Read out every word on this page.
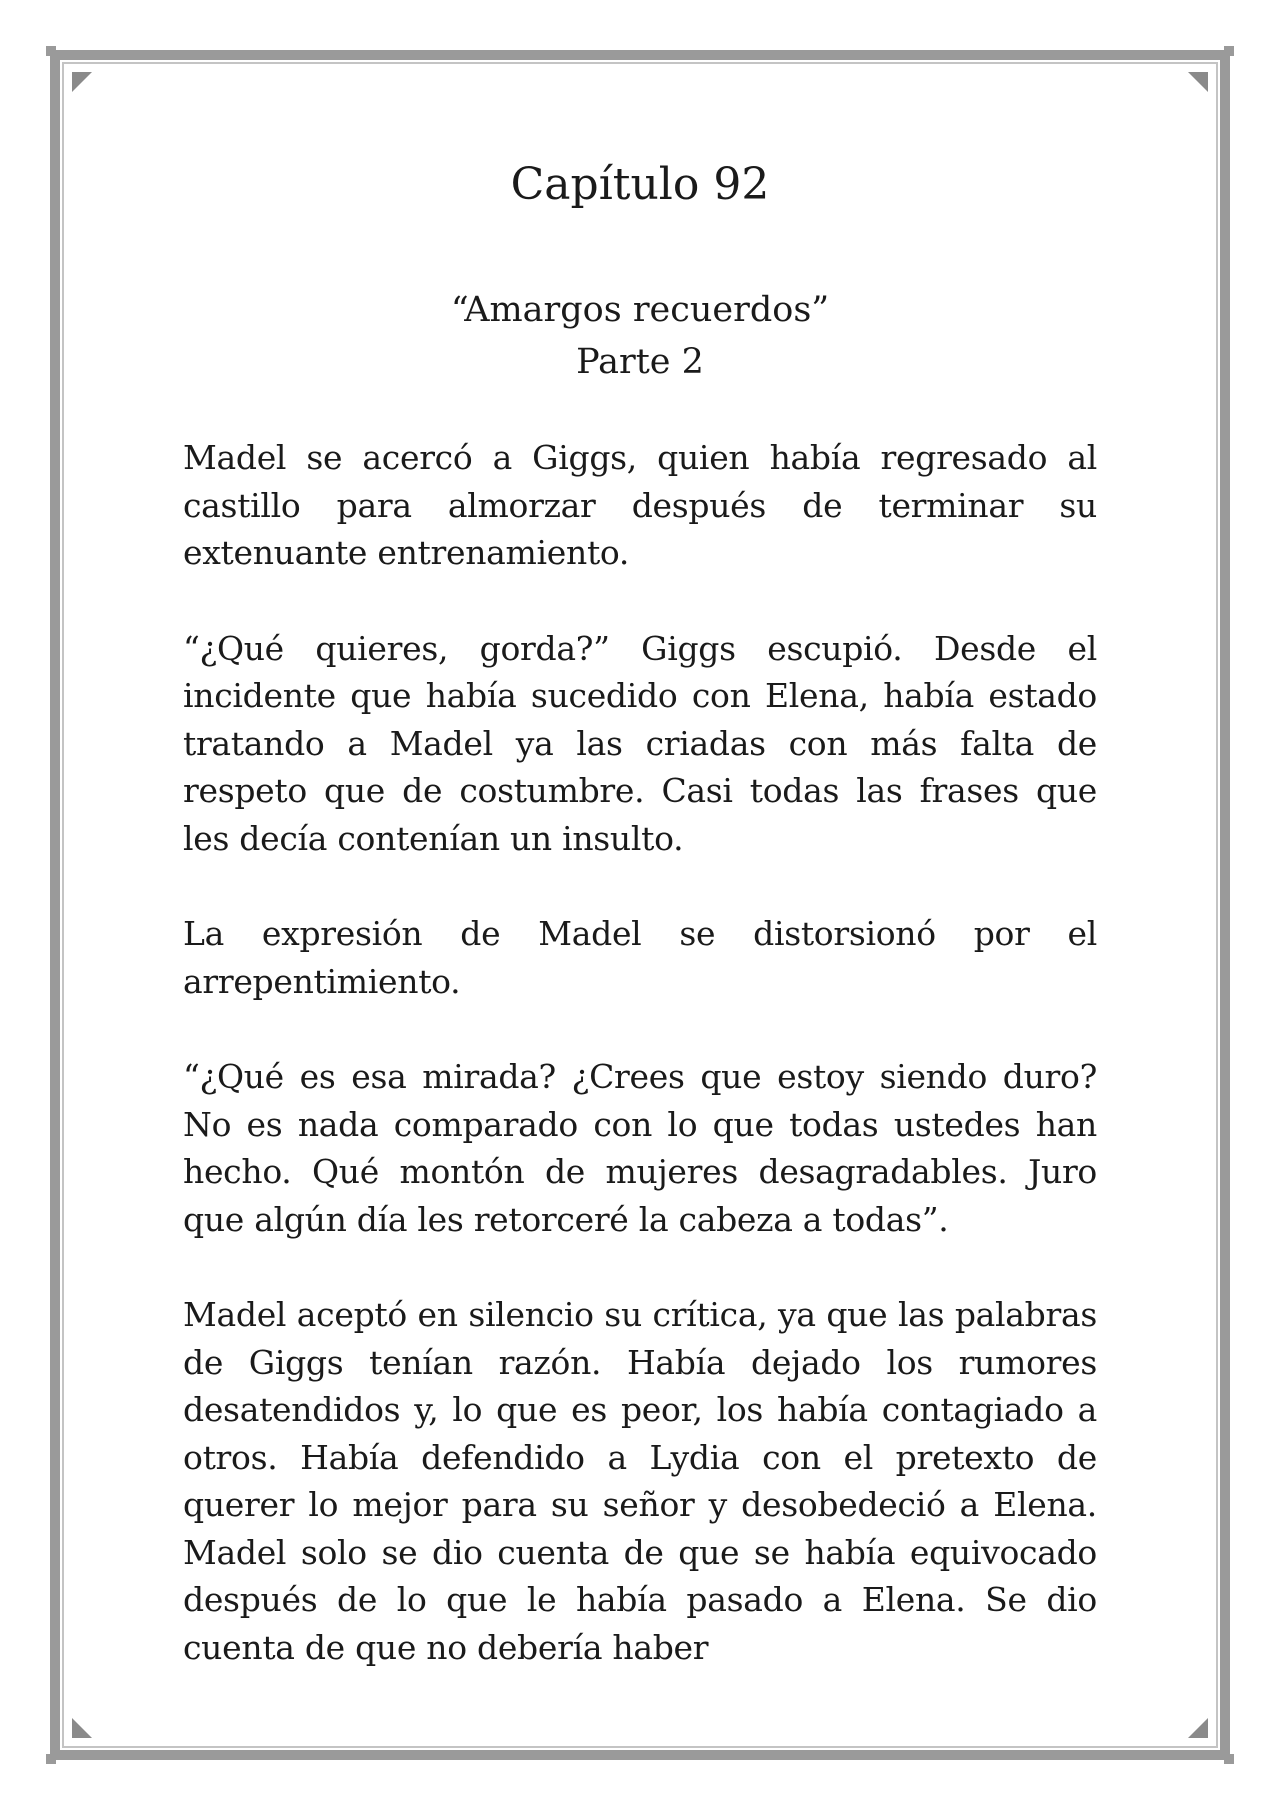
Capítulo 92
“Amargos recuerdos”
Parte 2

Madel se acercó a Giggs, quien había regresado al castillo para almorzar después de terminar su extenuante entrenamiento.

“¿Qué quieres, gorda?” Giggs escupió. Desde el incidente que había sucedido con Elena, había estado tratando a Madel ya las criadas con más falta de respeto que de costumbre. Casi todas las frases que les decía contenían un insulto.

La expresión de Madel se distorsionó por el arrepentimiento.

“¿Qué es esa mirada? ¿Crees que estoy siendo duro? No es nada comparado con lo que todas ustedes han hecho. Qué montón de mujeres desagradables. Juro que algún día les retorceré la cabeza a todas”.

Madel aceptó en silencio su crítica, ya que las palabras de Giggs tenían razón. Había dejado los rumores desatendidos y, lo que es peor, los había contagiado a otros. Había defendido a Lydia con el pretexto de querer lo mejor para su señor y desobedeció a Elena. Madel solo se dio cuenta de que se había equivocado después de lo que le había pasado a Elena. Se dio cuenta de que no debería haber
